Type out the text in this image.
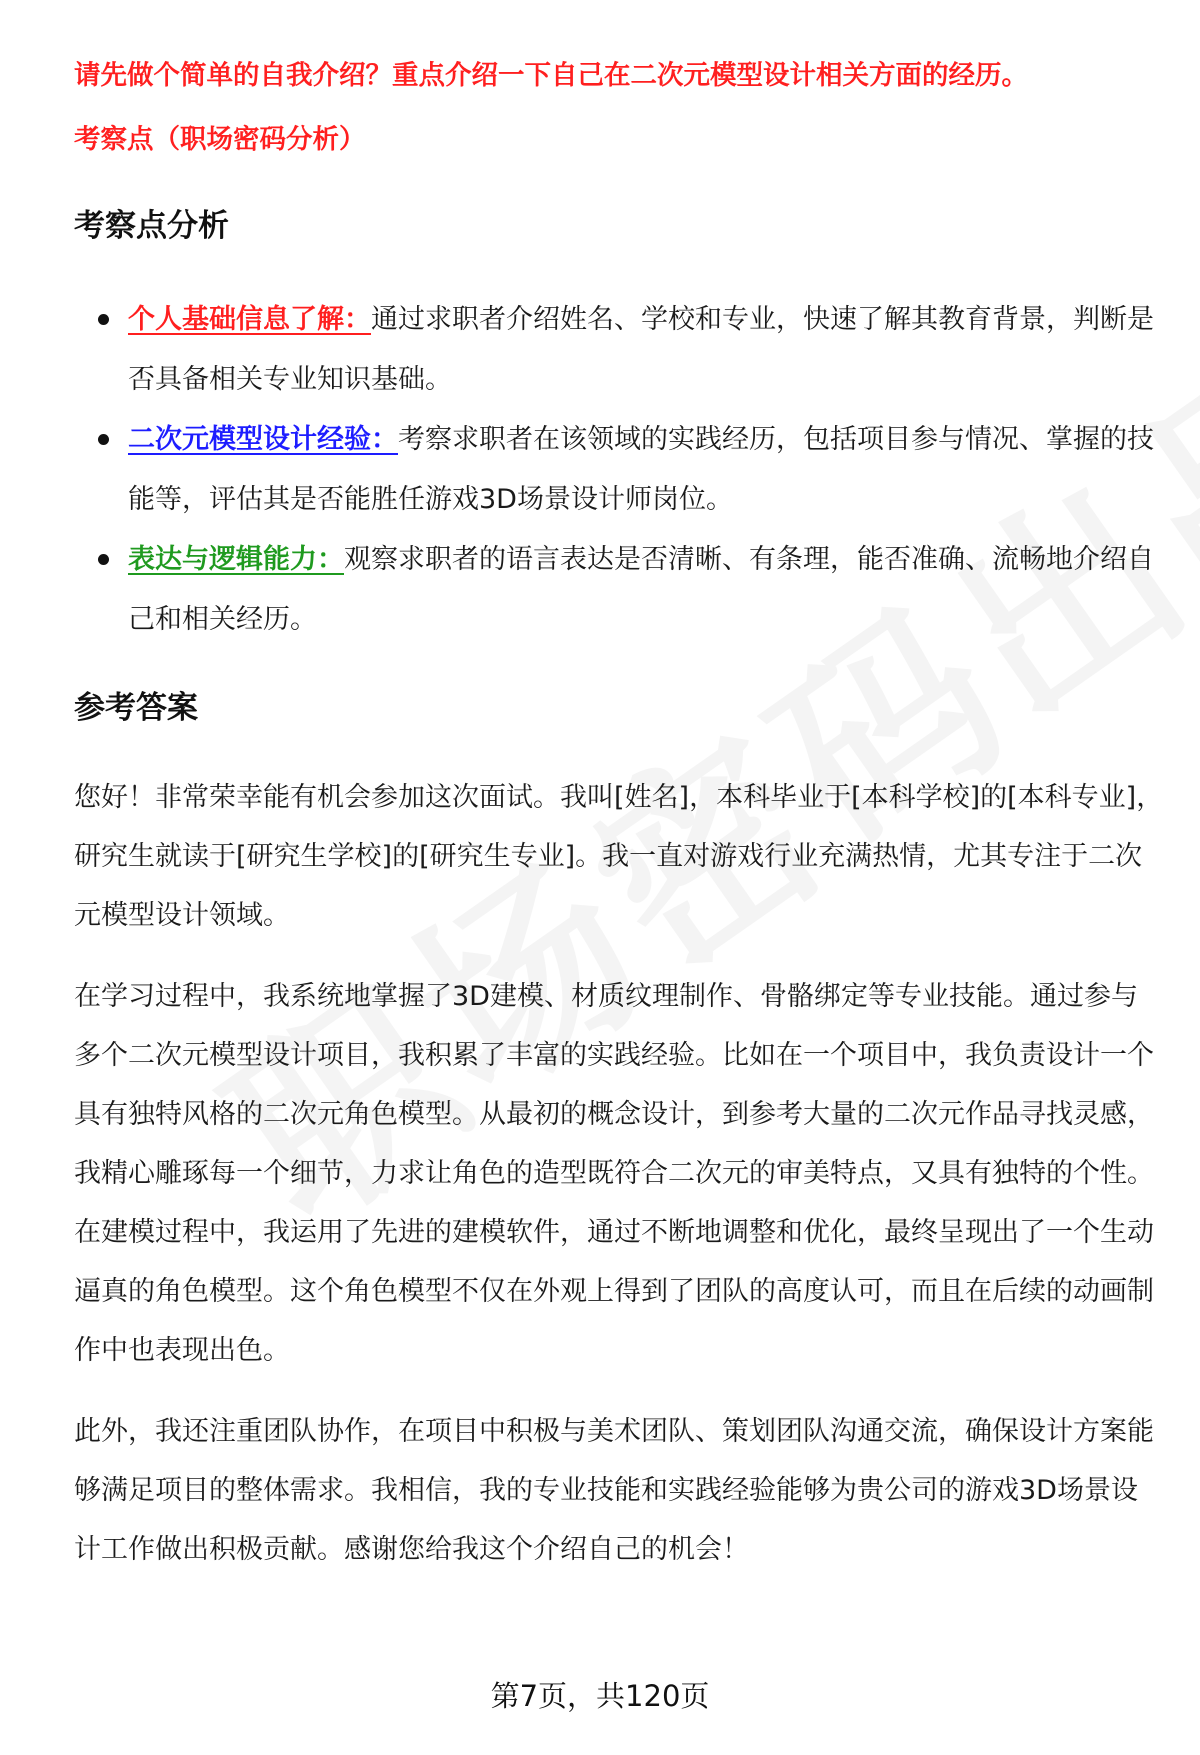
请先做个简单的自我介绍？重点介绍一下自己在二次元模型设计相关方面的经历。

考察点（职场密码分析）

考察点分析
个人基础信息了解：通过求职者介绍姓名、学校和专业，快速了解其教育背景，判断是否具备相关专业知识基础。
二次元模型设计经验：考察求职者在该领域的实践经历，包括项目参与情况、掌握的技能等，评估其是否能胜任游戏3D场景设计师岗位。
表达与逻辑能力：观察求职者的语言表达是否清晰、有条理，能否准确、流畅地介绍自己和相关经历。
参考答案

您好！非常荣幸能有机会参加这次面试。我叫[姓名]，本科毕业于[本科学校]的[本科专业]，研究生就读于[研究生学校]的[研究生专业]。我一直对游戏行业充满热情，尤其专注于二次元模型设计领域。

在学习过程中，我系统地掌握了3D建模、材质纹理制作、骨骼绑定等专业技能。通过参与多个二次元模型设计项目，我积累了丰富的实践经验。比如在一个项目中，我负责设计一个具有独特风格的二次元角色模型。从最初的概念设计，到参考大量的二次元作品寻找灵感，我精心雕琢每一个细节，力求让角色的造型既符合二次元的审美特点，又具有独特的个性。在建模过程中，我运用了先进的建模软件，通过不断地调整和优化，最终呈现出了一个生动逼真的角色模型。这个角色模型不仅在外观上得到了团队的高度认可，而且在后续的动画制作中也表现出色。

此外，我还注重团队协作，在项目中积极与美术团队、策划团队沟通交流，确保设计方案能够满足项目的整体需求。我相信，我的专业技能和实践经验能够为贵公司的游戏3D场景设计工作做出积极贡献。感谢您给我这个介绍自己的机会！

第7页，共120页
